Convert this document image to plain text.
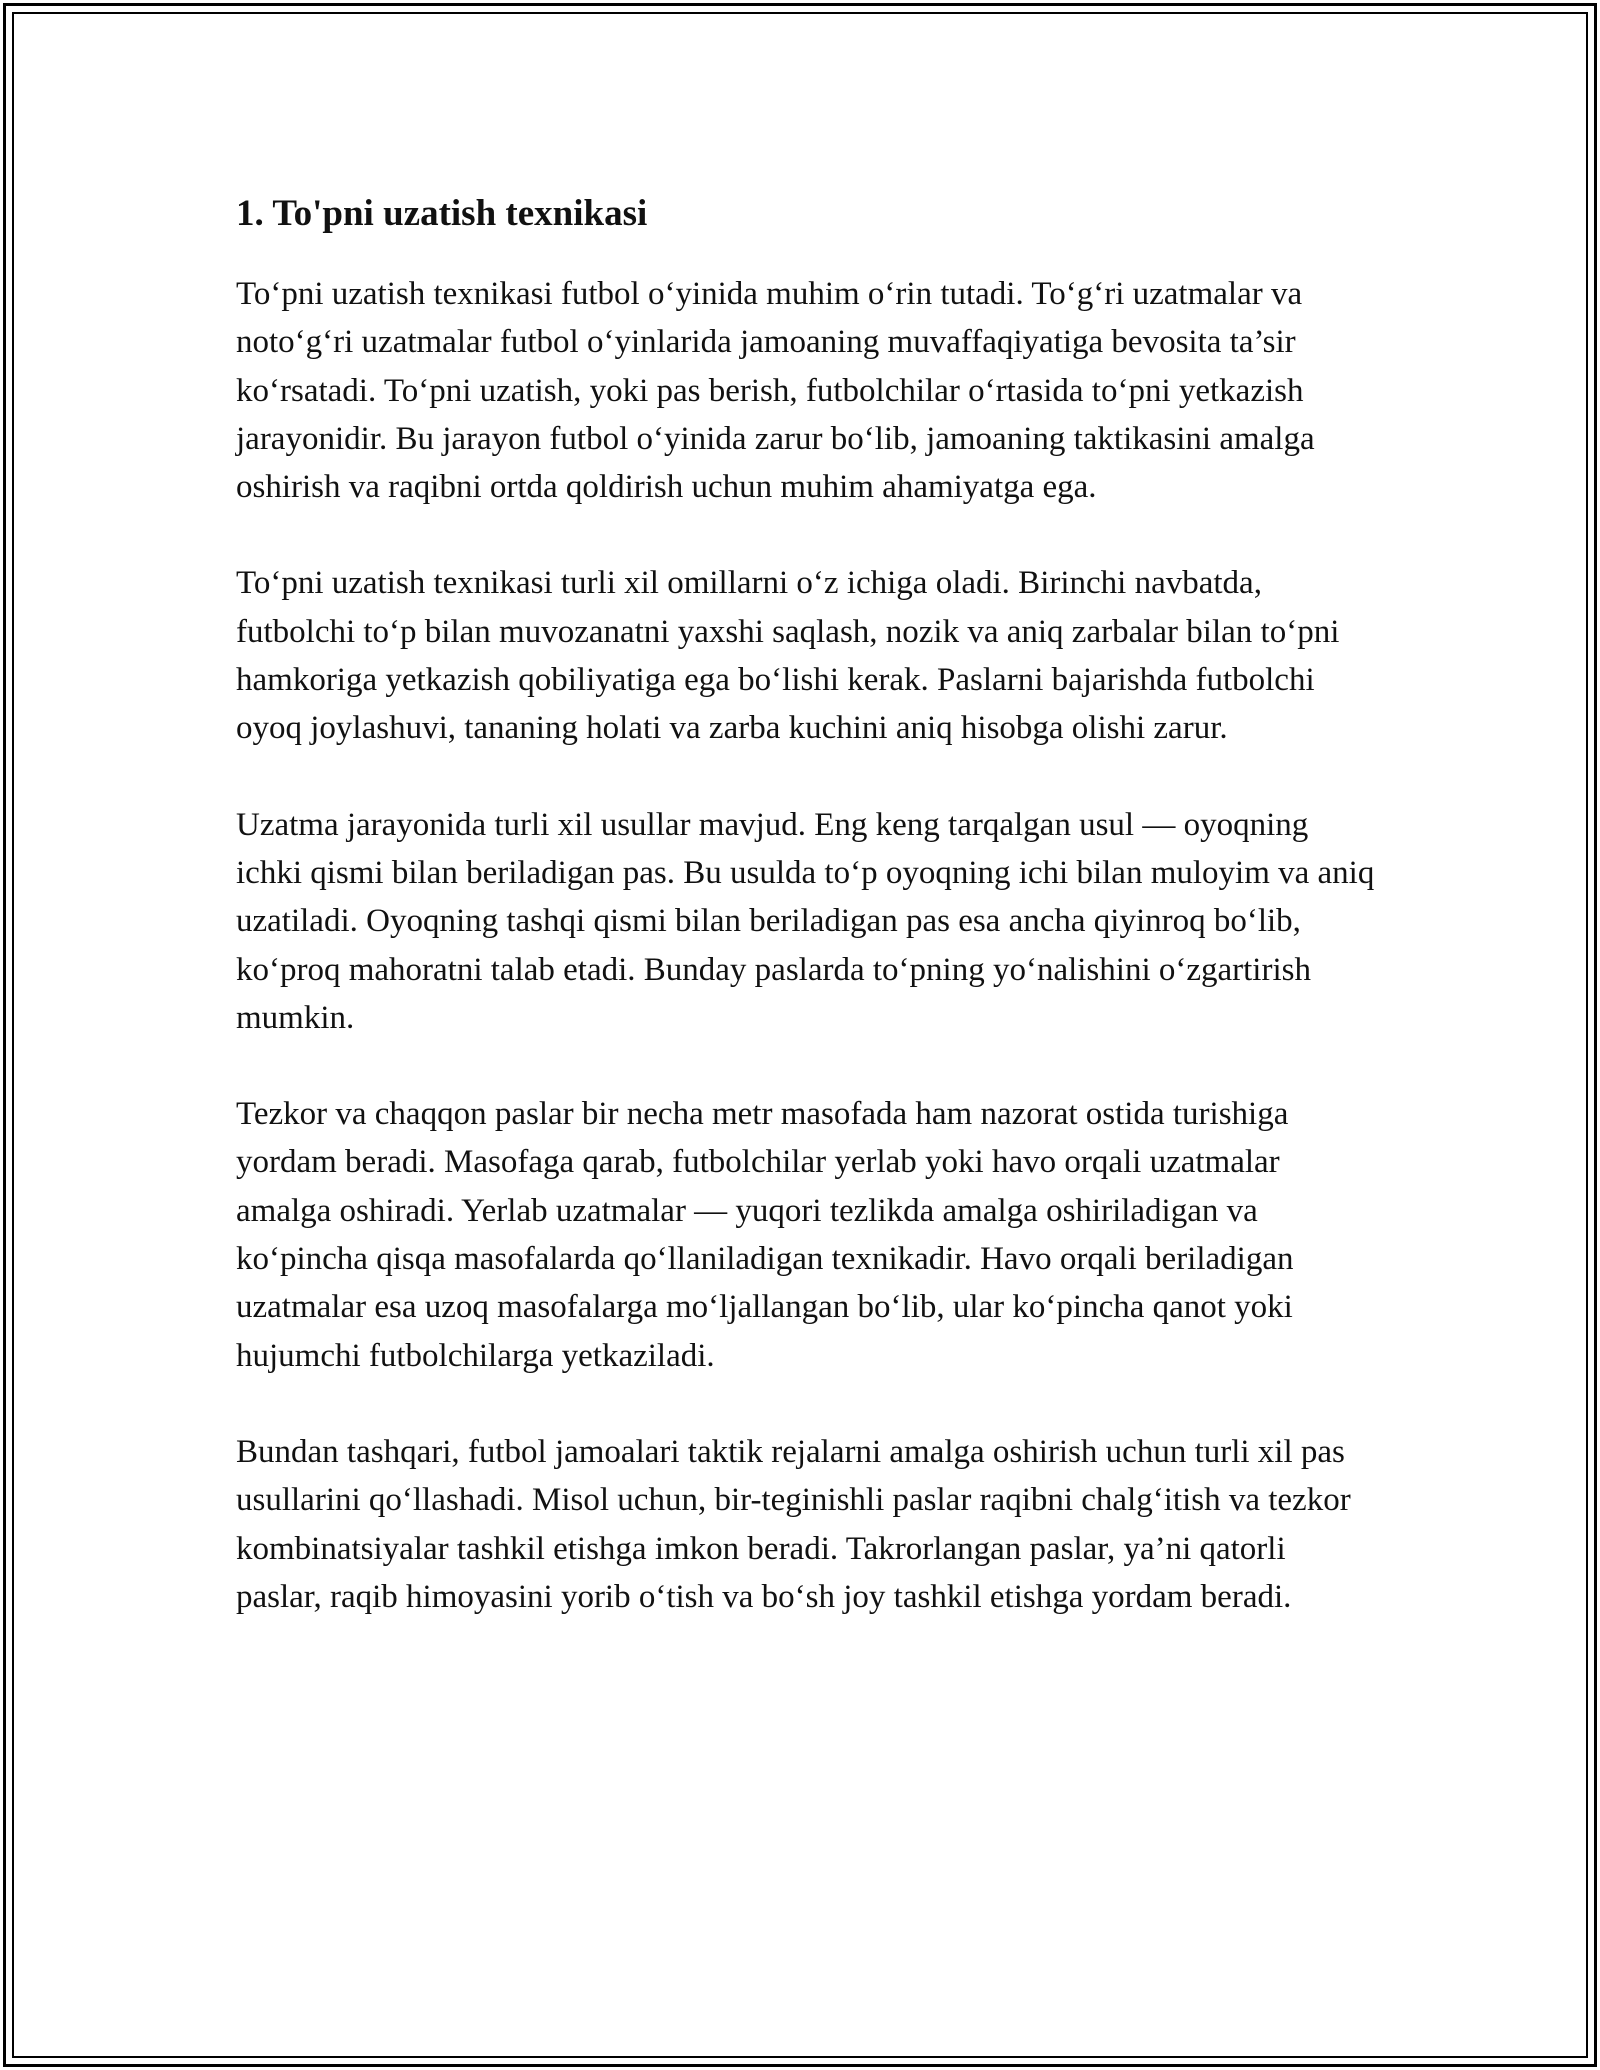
1. To'pni uzatish texnikasi

To‘pni uzatish texnikasi futbol o‘yinida muhim o‘rin tutadi. To‘g‘ri uzatmalar va noto‘g‘ri uzatmalar futbol o‘yinlarida jamoaning muvaffaqiyatiga bevosita ta’sir ko‘rsatadi. To‘pni uzatish, yoki pas berish, futbolchilar o‘rtasida to‘pni yetkazish jarayonidir. Bu jarayon futbol o‘yinida zarur bo‘lib, jamoaning taktikasini amalga oshirish va raqibni ortda qoldirish uchun muhim ahamiyatga ega.

To‘pni uzatish texnikasi turli xil omillarni o‘z ichiga oladi. Birinchi navbatda, futbolchi to‘p bilan muvozanatni yaxshi saqlash, nozik va aniq zarbalar bilan to‘pni hamkoriga yetkazish qobiliyatiga ega bo‘lishi kerak. Paslarni bajarishda futbolchi oyoq joylashuvi, tananing holati va zarba kuchini aniq hisobga olishi zarur.

Uzatma jarayonida turli xil usullar mavjud. Eng keng tarqalgan usul — oyoqning ichki qismi bilan beriladigan pas. Bu usulda to‘p oyoqning ichi bilan muloyim va aniq uzatiladi. Oyoqning tashqi qismi bilan beriladigan pas esa ancha qiyinroq bo‘lib, ko‘proq mahoratni talab etadi. Bunday paslarda to‘pning yo‘nalishini o‘zgartirish mumkin.

Tezkor va chaqqon paslar bir necha metr masofada ham nazorat ostida turishiga yordam beradi. Masofaga qarab, futbolchilar yerlab yoki havo orqali uzatmalar amalga oshiradi. Yerlab uzatmalar — yuqori tezlikda amalga oshiriladigan va ko‘pincha qisqa masofalarda qo‘llaniladigan texnikadir. Havo orqali beriladigan uzatmalar esa uzoq masofalarga mo‘ljallangan bo‘lib, ular ko‘pincha qanot yoki hujumchi futbolchilarga yetkaziladi.

Bundan tashqari, futbol jamoalari taktik rejalarni amalga oshirish uchun turli xil pas usullarini qo‘llashadi. Misol uchun, bir-teginishli paslar raqibni chalg‘itish va tezkor kombinatsiyalar tashkil etishga imkon beradi. Takrorlangan paslar, ya’ni qatorli paslar, raqib himoyasini yorib o‘tish va bo‘sh joy tashkil etishga yordam beradi.
